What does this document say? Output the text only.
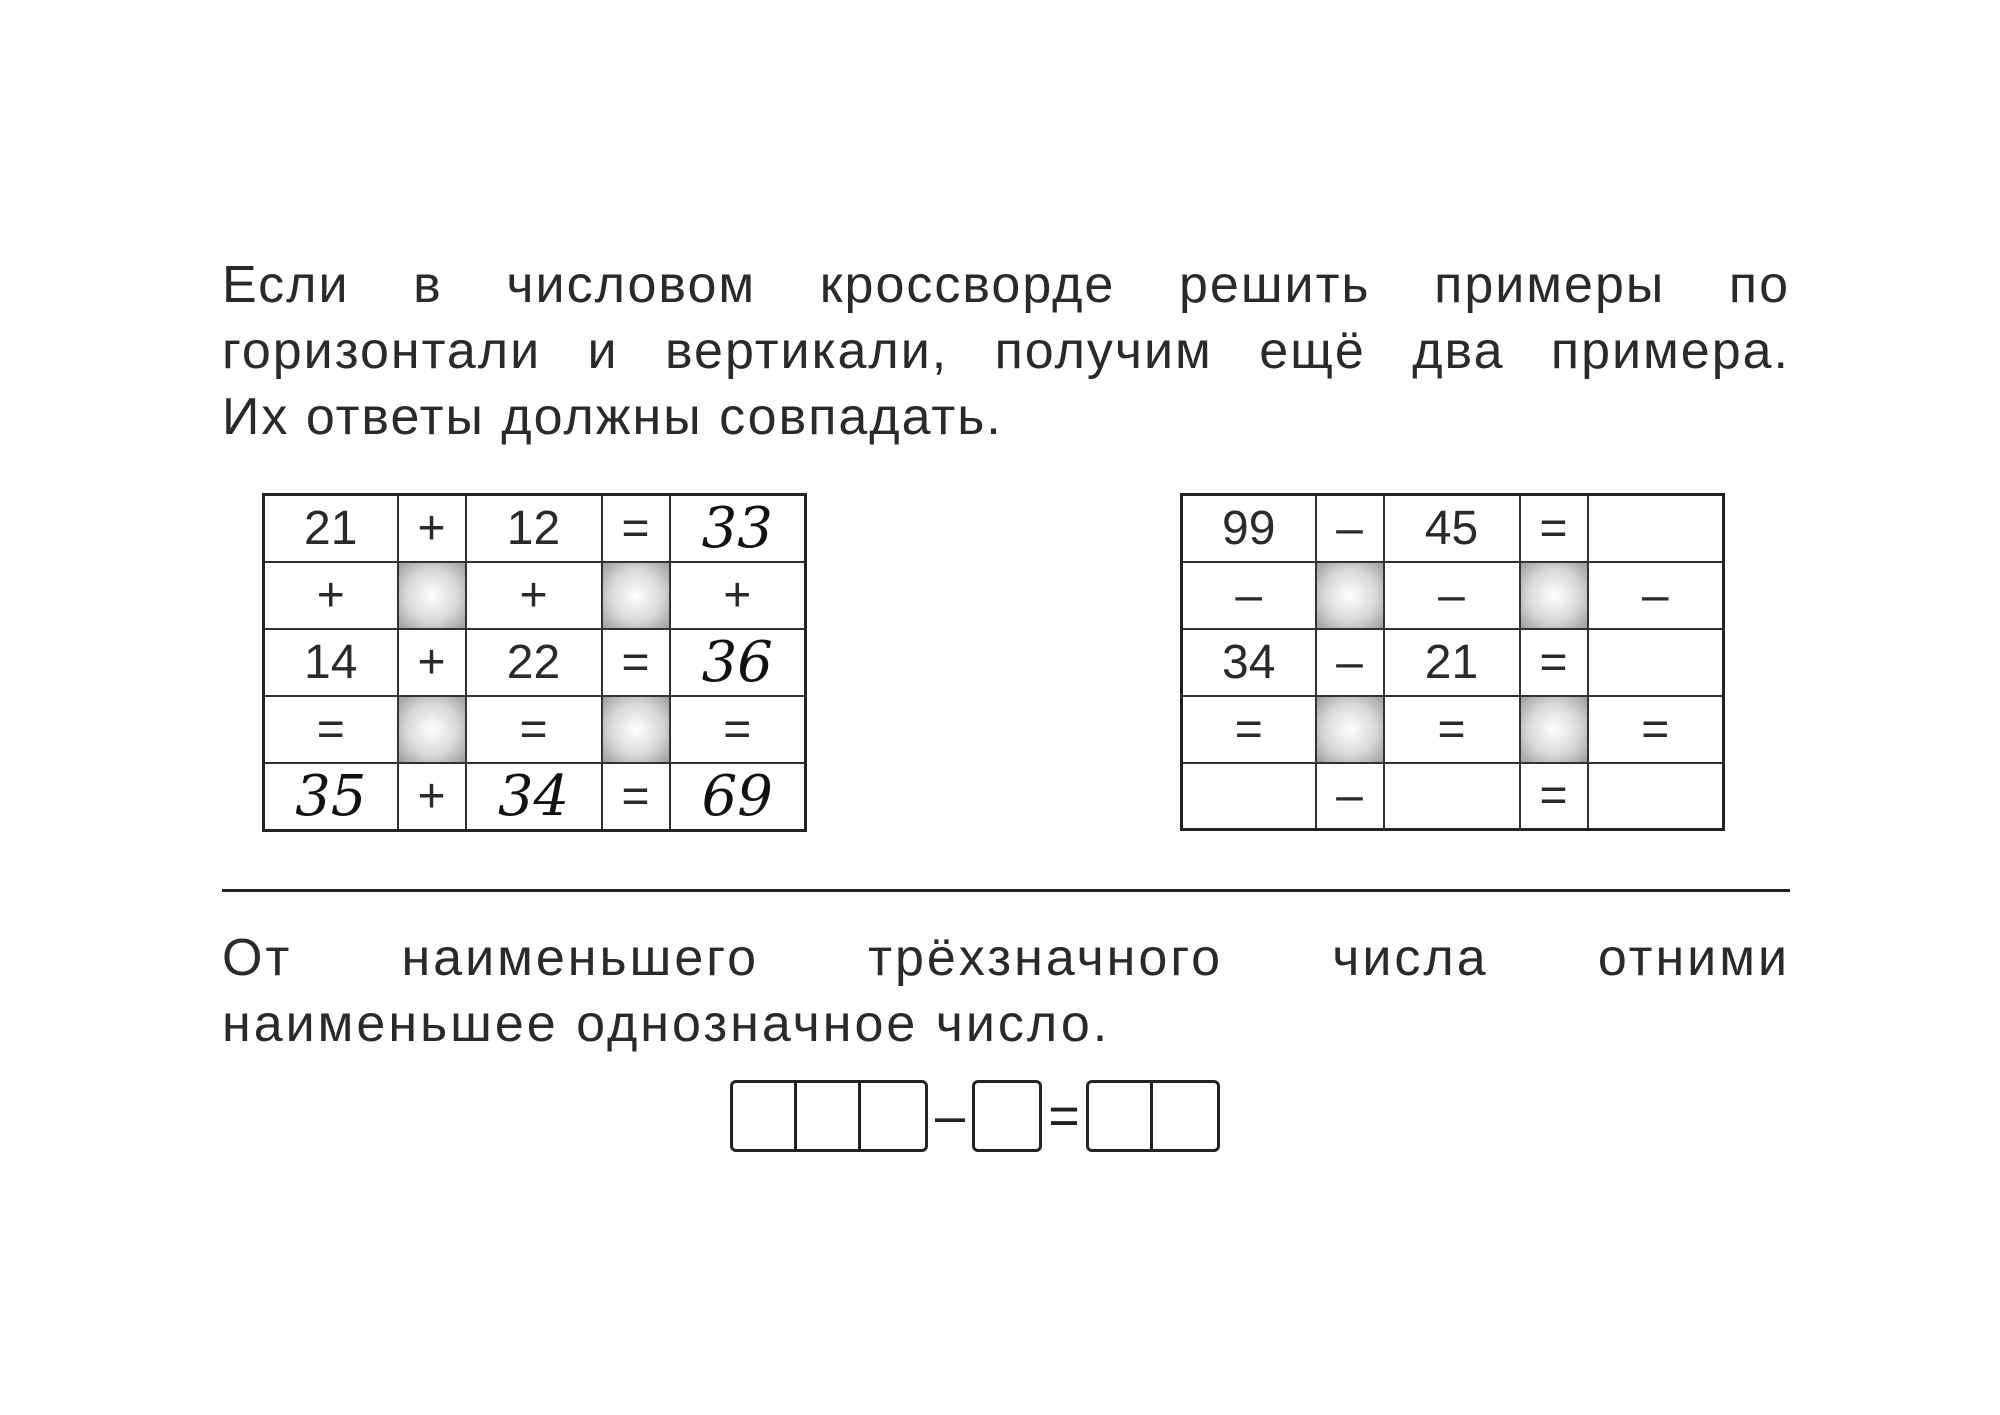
Если в числовом кроссворде решить примеры по
горизонтали и вертикали, получим ещё два примера.
Их ответы должны совпадать.
21	+	12	=	33
+		+		+
14	+	22	=	36
=		=		=
35	+	34	=	69
99	–	45	=	
–		–		–
34	–	21	=	
=		=		=
	–		=	
От наименьшего трёхзначного числа отними
наименьшее однозначное число.
– =
